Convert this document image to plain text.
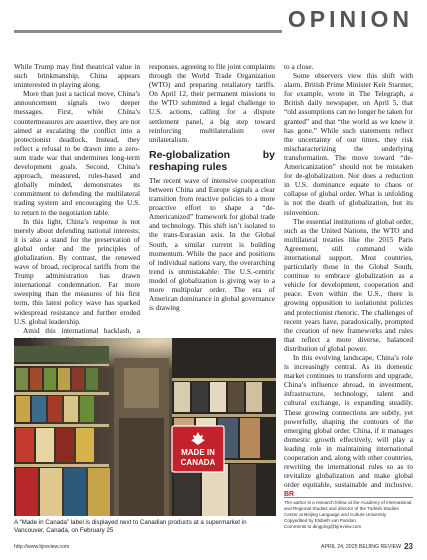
OPINION

While Trump may find theatrical value in such brinkmanship, China appears uninterested in playing along.

More than just a tactical move, China’s announcement signals two deeper messages. First, while China’s countermeasures are assertive, they are not aimed at escalating the conflict into a protectionist deadlock. Instead, they reflect a refusal to be drawn into a zero-sum trade war that undermines long-term development goals. Second, China’s approach, measured, rules-based and globally minded, demonstrates its commitment to defending the multilateral trading system and encouraging the U.S. to return to the negotiation table.

In this light, China’s response is not merely about defending national interests; it is also a stand for the preservation of global order and the principles of globalization. By contrast, the renewed wave of broad, reciprocal tariffs from the Trump administration has drawn international condemnation. Far more sweeping than the measures of his first term, this latest policy wave has sparked widespread resistance and further eroded U.S. global leadership.

Amid this international backlash, a

responses, agreeing to file joint complaints through the World Trade Organization (WTO) and preparing retaliatory tariffs. On April 12, their permanent missions to the WTO submitted a legal challenge to U.S. actions, calling for a dispute settlement panel, a big step toward reinforcing multilateralism over unilateralism.

Re-globalization by reshaping rules

The recent wave of intensive cooperation between China and Europe signals a clear transition from reactive policies to a more proactive effort to shape a “de-Americanized” framework for global trade and technology. This shift isn’t isolated to the trans-Eurasian axis. In the Global South, a similar current is building momentum. While the pace and positions of individual nations vary, the overarching trend is unmistakable: The U.S.-centric model of globalization is giving way to a more multipolar order. The era of American dominance in global governance is drawing

to a close.

Some observers view this shift with alarm. British Prime Minister Keir Starmer, for example, wrote in The Telegraph, a British daily newspaper, on April 5, that “old assumptions can no longer be taken for granted” and that “the world as we knew it has gone.” While such statements reflect the uncertainty of our times, they risk mischaracterizing the underlying transformation. The move toward “de-Americanization” should not be mistaken for de-globalization. Nor does a reduction in U.S. dominance equate to chaos or collapse of global order. What is unfolding is not the death of globalization, but its reinvention.

The essential institutions of global order, such as the United Nations, the WTO and multilateral treaties like the 2015 Paris Agreement, still command wide international support. Most countries, particularly those in the Global South, continue to embrace globalization as a vehicle for development, cooperation and peace. Even within the U.S., there is growing opposition to isolationist policies and protectionist rhetoric. The challenges of recent years have, paradoxically, prompted the creation of new frameworks and rules that reflect a more diverse, balanced distribution of global power.

In this evolving landscape, China’s role is increasingly central. As its domestic market continues to transform and upgrade, China’s influence abroad, in investment, infrastructure, technology, talent and cultural exchange, is expanding steadily. These growing connections are subtly, yet powerfully, shaping the contours of the emerging global order. China, if it manages domestic growth effectively, will play a leading role in maintaining international cooperation and, along with other countries, rewriting the international rules so as to revitalize globalization and make global order equitable, sustainable and inclusive. BR

MADE IN
CANADA
A “Made in Canada” label is displayed next to Canadian products at a supermarket in Vancouver, Canada, on February 25
The author is a research fellow at the Academy of International and Regional Studies and director of the Turkish Studies Center at Beijing Language and Culture University
Copyedited by Elsbeth van Paridon
Comments to dingping@bjreview.com
http://www.bjreview.com	APRIL 24, 2025 BEIJING REVIEW 23
